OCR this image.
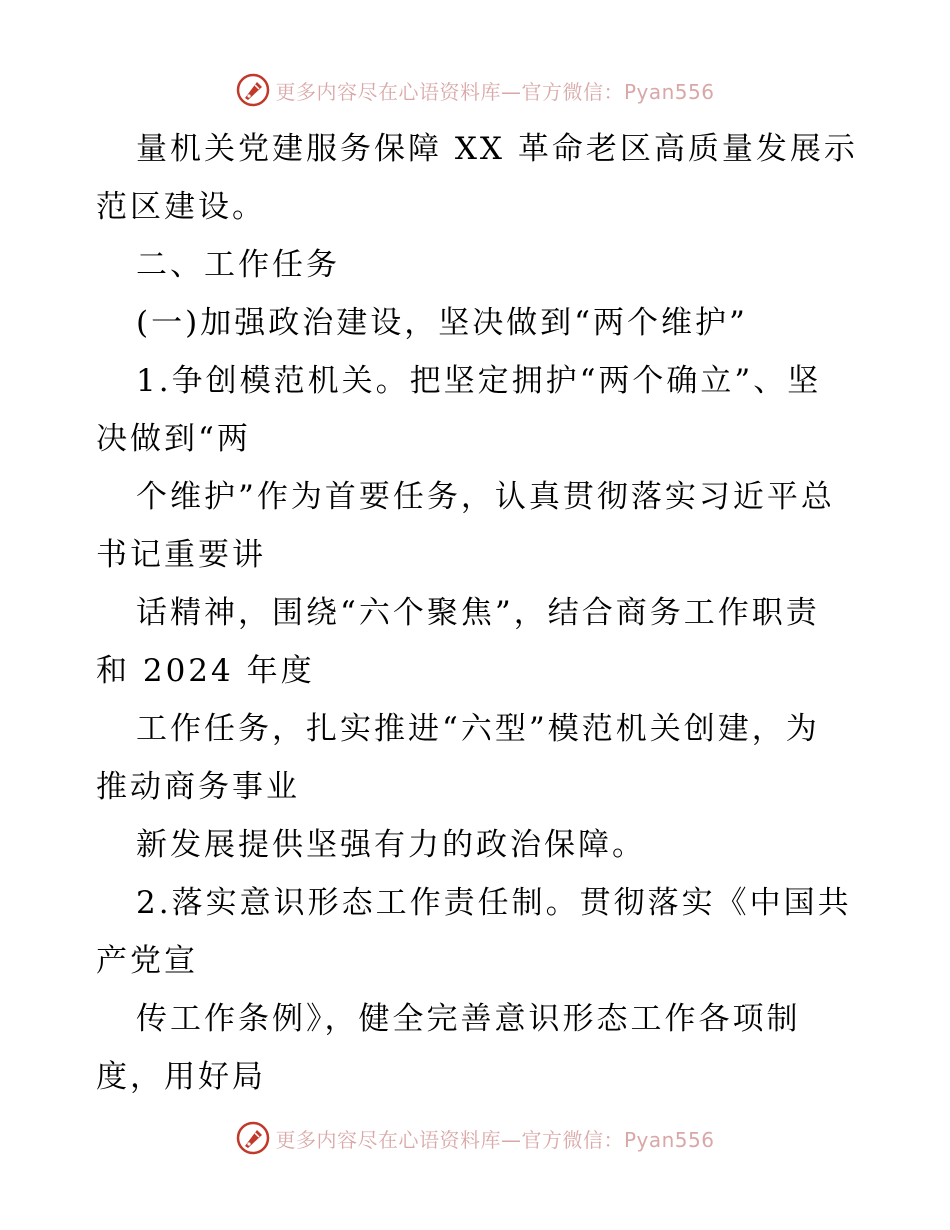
更多内容尽在心语资料库—官方微信：Pyan556
量机关党建服务保障 XX 革命老区高质量发展示
范区建设。
二、工作任务
(一)加强政治建设，坚决做到“两个维护”
1.争创模范机关。把坚定拥护“两个确立”、坚
决做到“两
个维护”作为首要任务，认真贯彻落实习近平总
书记重要讲
话精神，围绕“六个聚焦”，结合商务工作职责
和 2024 年度
工作任务，扎实推进“六型”模范机关创建，为
推动商务事业
新发展提供坚强有力的政治保障。
2.落实意识形态工作责任制。贯彻落实《中国共
产党宣
传工作条例》，健全完善意识形态工作各项制
度，用好局
更多内容尽在心语资料库—官方微信：Pyan556
